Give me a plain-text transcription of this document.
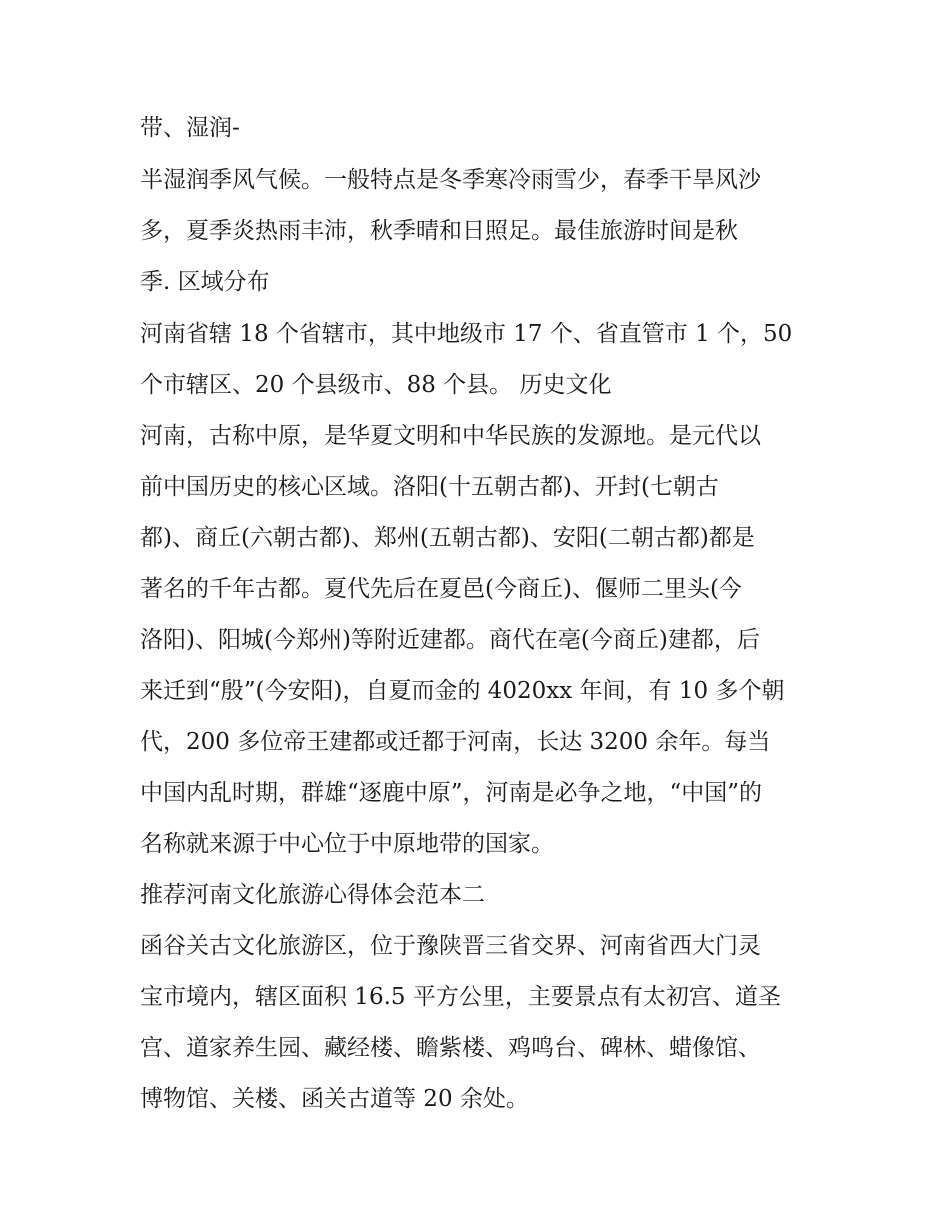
带、湿润-

半湿润季风气候。一般特点是冬季寒冷雨雪少，春季干旱风沙

多，夏季炎热雨丰沛，秋季晴和日照足。最佳旅游时间是秋

季. 区域分布

河南省辖 18 个省辖市，其中地级市 17 个、省直管市 1 个，50

个市辖区、20 个县级市、88 个县。 历史文化

河南，古称中原，是华夏文明和中华民族的发源地。是元代以

前中国历史的核心区域。洛阳(十五朝古都)、开封(七朝古

都)、商丘(六朝古都)、郑州(五朝古都)、安阳(二朝古都)都是

著名的千年古都。夏代先后在夏邑(今商丘)、偃师二里头(今

洛阳)、阳城(今郑州)等附近建都。商代在亳(今商丘)建都，后

来迁到“殷”(今安阳)，自夏而金的 4020xx 年间，有 10 多个朝

代，200 多位帝王建都或迁都于河南，长达 3200 余年。每当

中国内乱时期，群雄“逐鹿中原”，河南是必争之地，“中国”的

名称就来源于中心位于中原地带的国家。

推荐河南文化旅游心得体会范本二

函谷关古文化旅游区，位于豫陕晋三省交界、河南省西大门灵

宝市境内，辖区面积 16.5 平方公里，主要景点有太初宫、道圣

宫、道家养生园、藏经楼、瞻紫楼、鸡鸣台、碑林、蜡像馆、

博物馆、关楼、函关古道等 20 余处。
